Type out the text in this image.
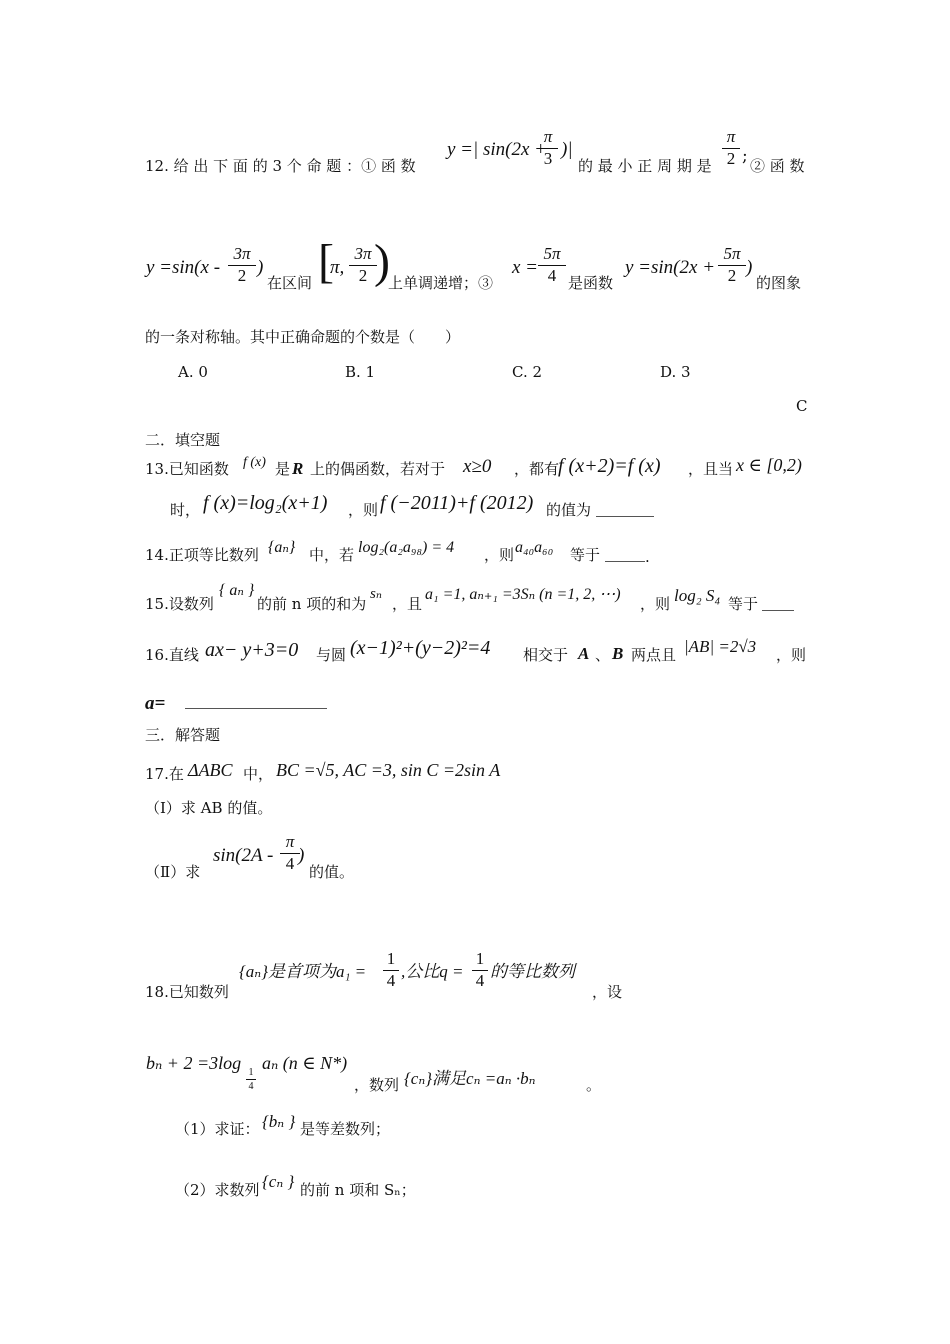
12. 给 出 下 面 的 3 个 命 题 ：① 函 数
y =| sin(2x +
π
3 )|
的 最 小 正 周 期 是
π
2 ; ② 函 数
y =sin(x -
3π
2 )
在区间 [
π,
3π
2 )
上单调递增；③
x =
5π
4 是函数
y =sin(2x +
5π
2 )
的图象
的一条对称轴。其中正确命题的个数是（　　）
A. 0	B. 1	C. 2	D. 3
C
二．填空题
13.已知函数 f (x) 是 R 上的偶函数，若对于 x≥0 ，都有
f (x+2)=f (x) ，且当 x ∈ [0,2)
时， f (x)=log₂(x+1) ，则 f (−2011)+f (2012) 的值为
14.正项等比数列 {aₙ} 中，若 log₂(a₂a₉₈) = 4 ，则 a₄₀a₆₀ 等于	.
15.设数列
{ aₙ }
的前 n 项的和为
sₙ
，且
a₁ =1, aₙ₊₁ =3Sₙ (n =1, 2, ⋯)
，则 log₂ S₄ 等于
16.直线 ax− y+3=0 与圆 (x−1)²+(y−2)²=4 相交于 A 、 B 两点且 |AB| =2√3 ，则
a=
三．解答题
17.在 ΔABC 中， BC =√5, AC =3, sin C =2sin A
（Ⅰ）求 AB 的值。
（Ⅱ）求
sin(2A -
π
4 )
的值。
18.已知数列
{aₙ}是首项为a₁ =
1
4 ,公比q =
1
4 的等比数列
，设
bₙ + 2 =3log 1
4
aₙ (n ∈ N*)
，数列 {cₙ}满足cₙ =aₙ ·bₙ	。
（1）求证： {bₙ } 是等差数列；
（2）求数列 {cₙ } 的前 n 项和 Sₙ；
